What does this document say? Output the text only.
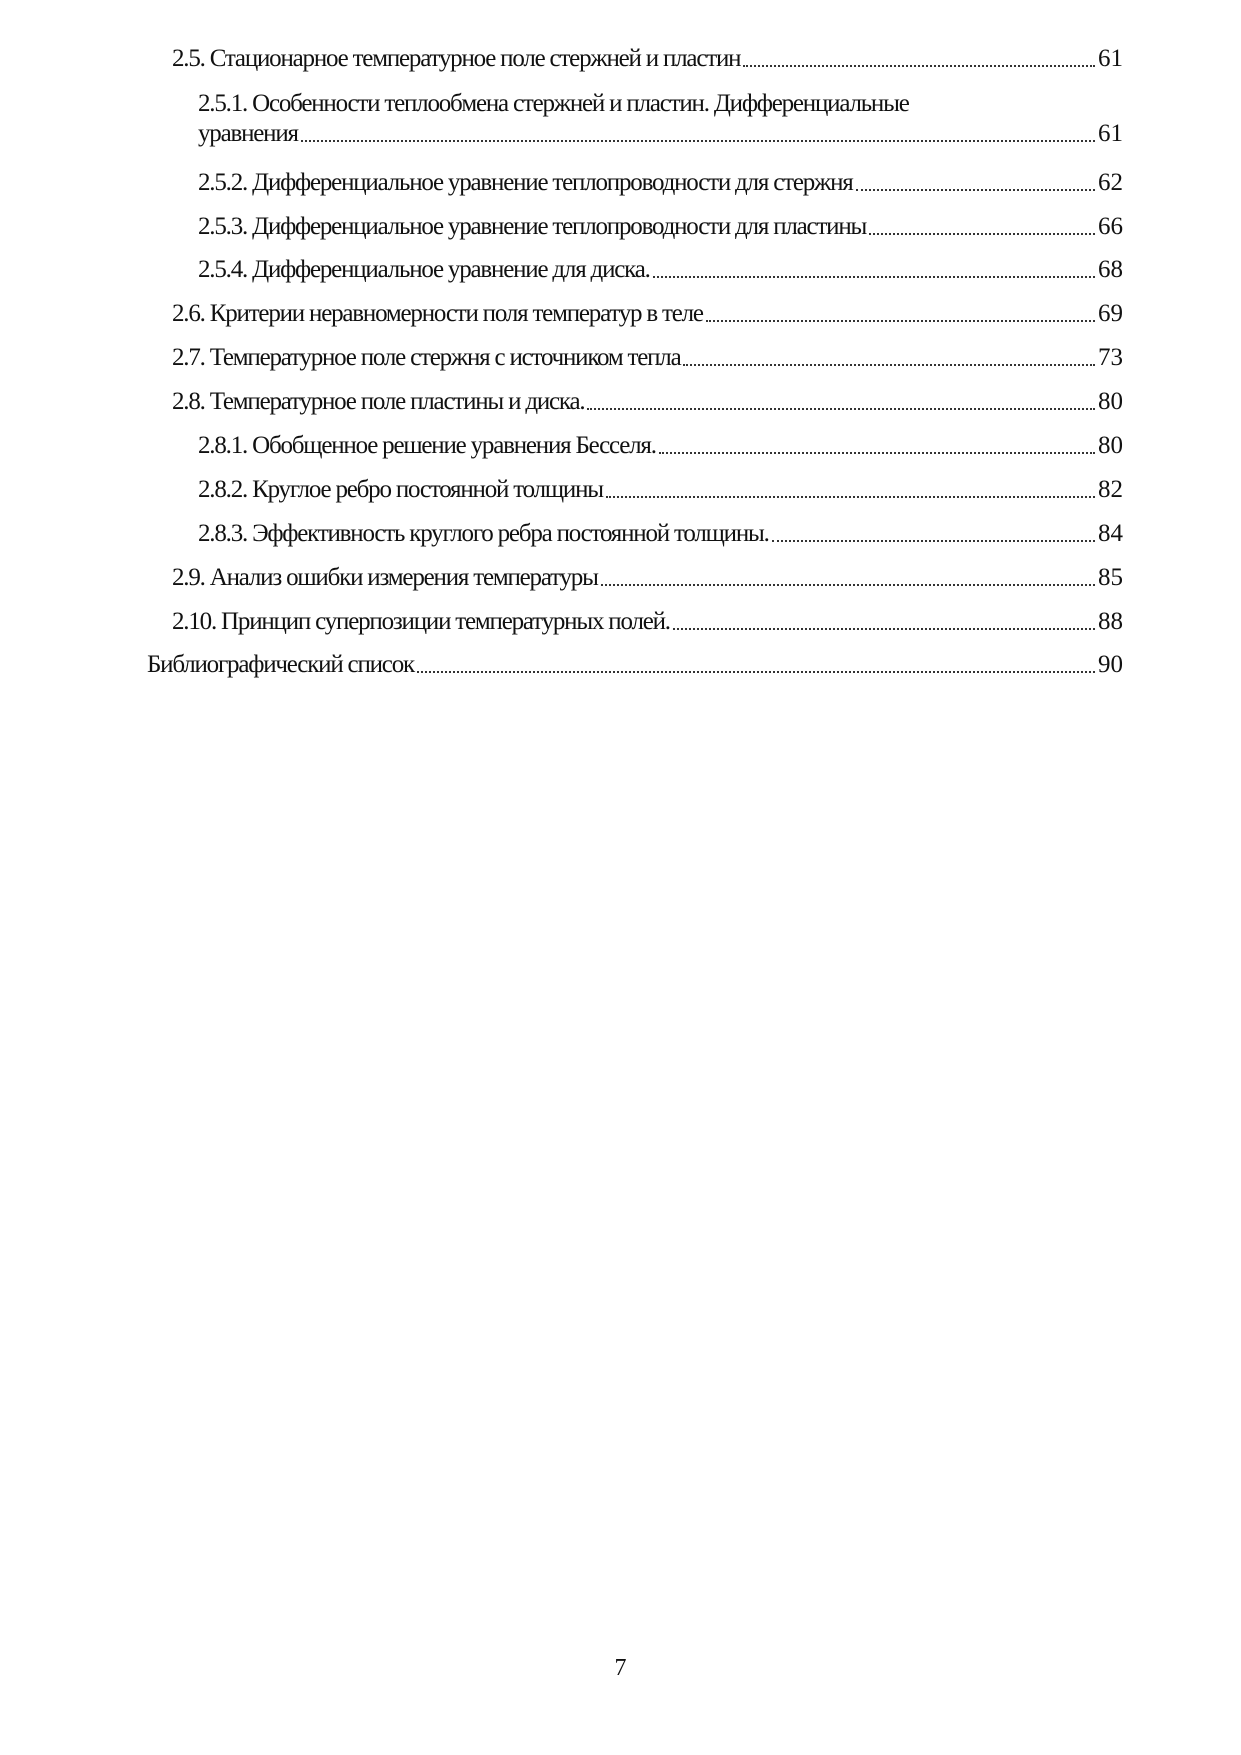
2.5. Стационарное температурное поле стержней и пластин	61
2.5.1. Особенности теплообмена стержней и пластин. Дифференциальные
уравнения	61
2.5.2. Дифференциальное уравнение теплопроводности для стержня	62
2.5.3. Дифференциальное уравнение теплопроводности для пластины	66
2.5.4. Дифференциальное уравнение для диска.	68
2.6. Критерии неравномерности поля температур в теле	69
2.7. Температурное поле стержня с источником тепла	73
2.8. Температурное поле пластины и диска.	80
2.8.1. Обобщенное решение уравнения Бесселя.	80
2.8.2. Круглое ребро постоянной толщины	82
2.8.3. Эффективность круглого ребра постоянной толщины.	84
2.9. Анализ ошибки измерения температуры	85
2.10. Принцип суперпозиции температурных полей.	88
Библиографический список	90
7
